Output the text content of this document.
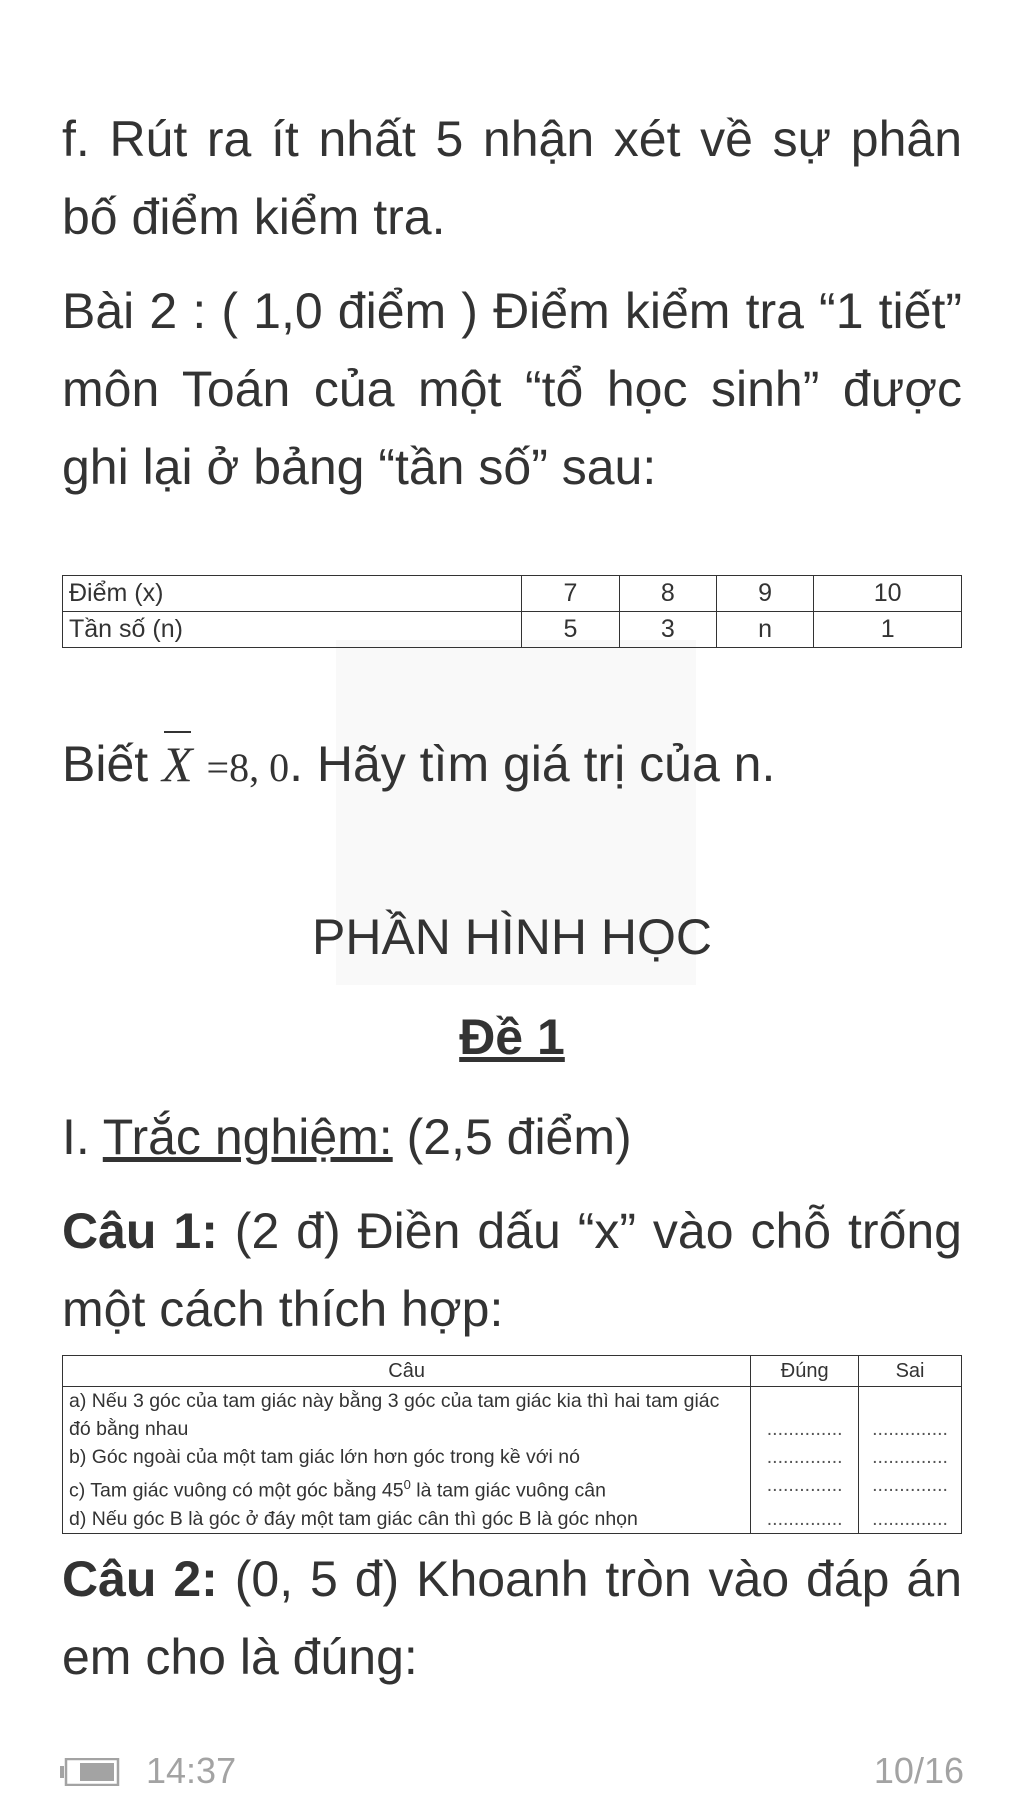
f. Rút ra ít nhất 5 nhận xét về sự phân bố điểm kiểm tra.

Bài 2 : ( 1,0 điểm ) Điểm kiểm tra “1 tiết” môn Toán của một “tổ học sinh” được ghi lại ở bảng “tần số” sau:

Điểm (x)	7	8	9	10
Tần số (n)	5	3	n	1

Biết
X =8, 0. Hãy tìm giá trị của n.

PHẦN HÌNH HỌC
Đề 1

I. Trắc nghiệm: (2,5 điểm)

Câu 1: (2 đ) Điền dấu “x” vào chỗ trống một cách thích hợp:

Câu	Đúng	Sai
a) Nếu 3 góc của tam giác này bằng 3 góc của tam giác kia thì hai tam giác đó bằng nhau	..............	..............
b) Góc ngoài của một tam giác lớn hơn góc trong kề với nó	..............	..............
c) Tam giác vuông có một góc bằng $45^0$ là tam giác vuông cân	..............	..............
d) Nếu góc B là góc ở đáy một tam giác cân thì góc B là góc nhọn	..............	..............

Câu 2: (0, 5 đ) Khoanh tròn vào đáp án em cho là đúng:

14:37	10/16
